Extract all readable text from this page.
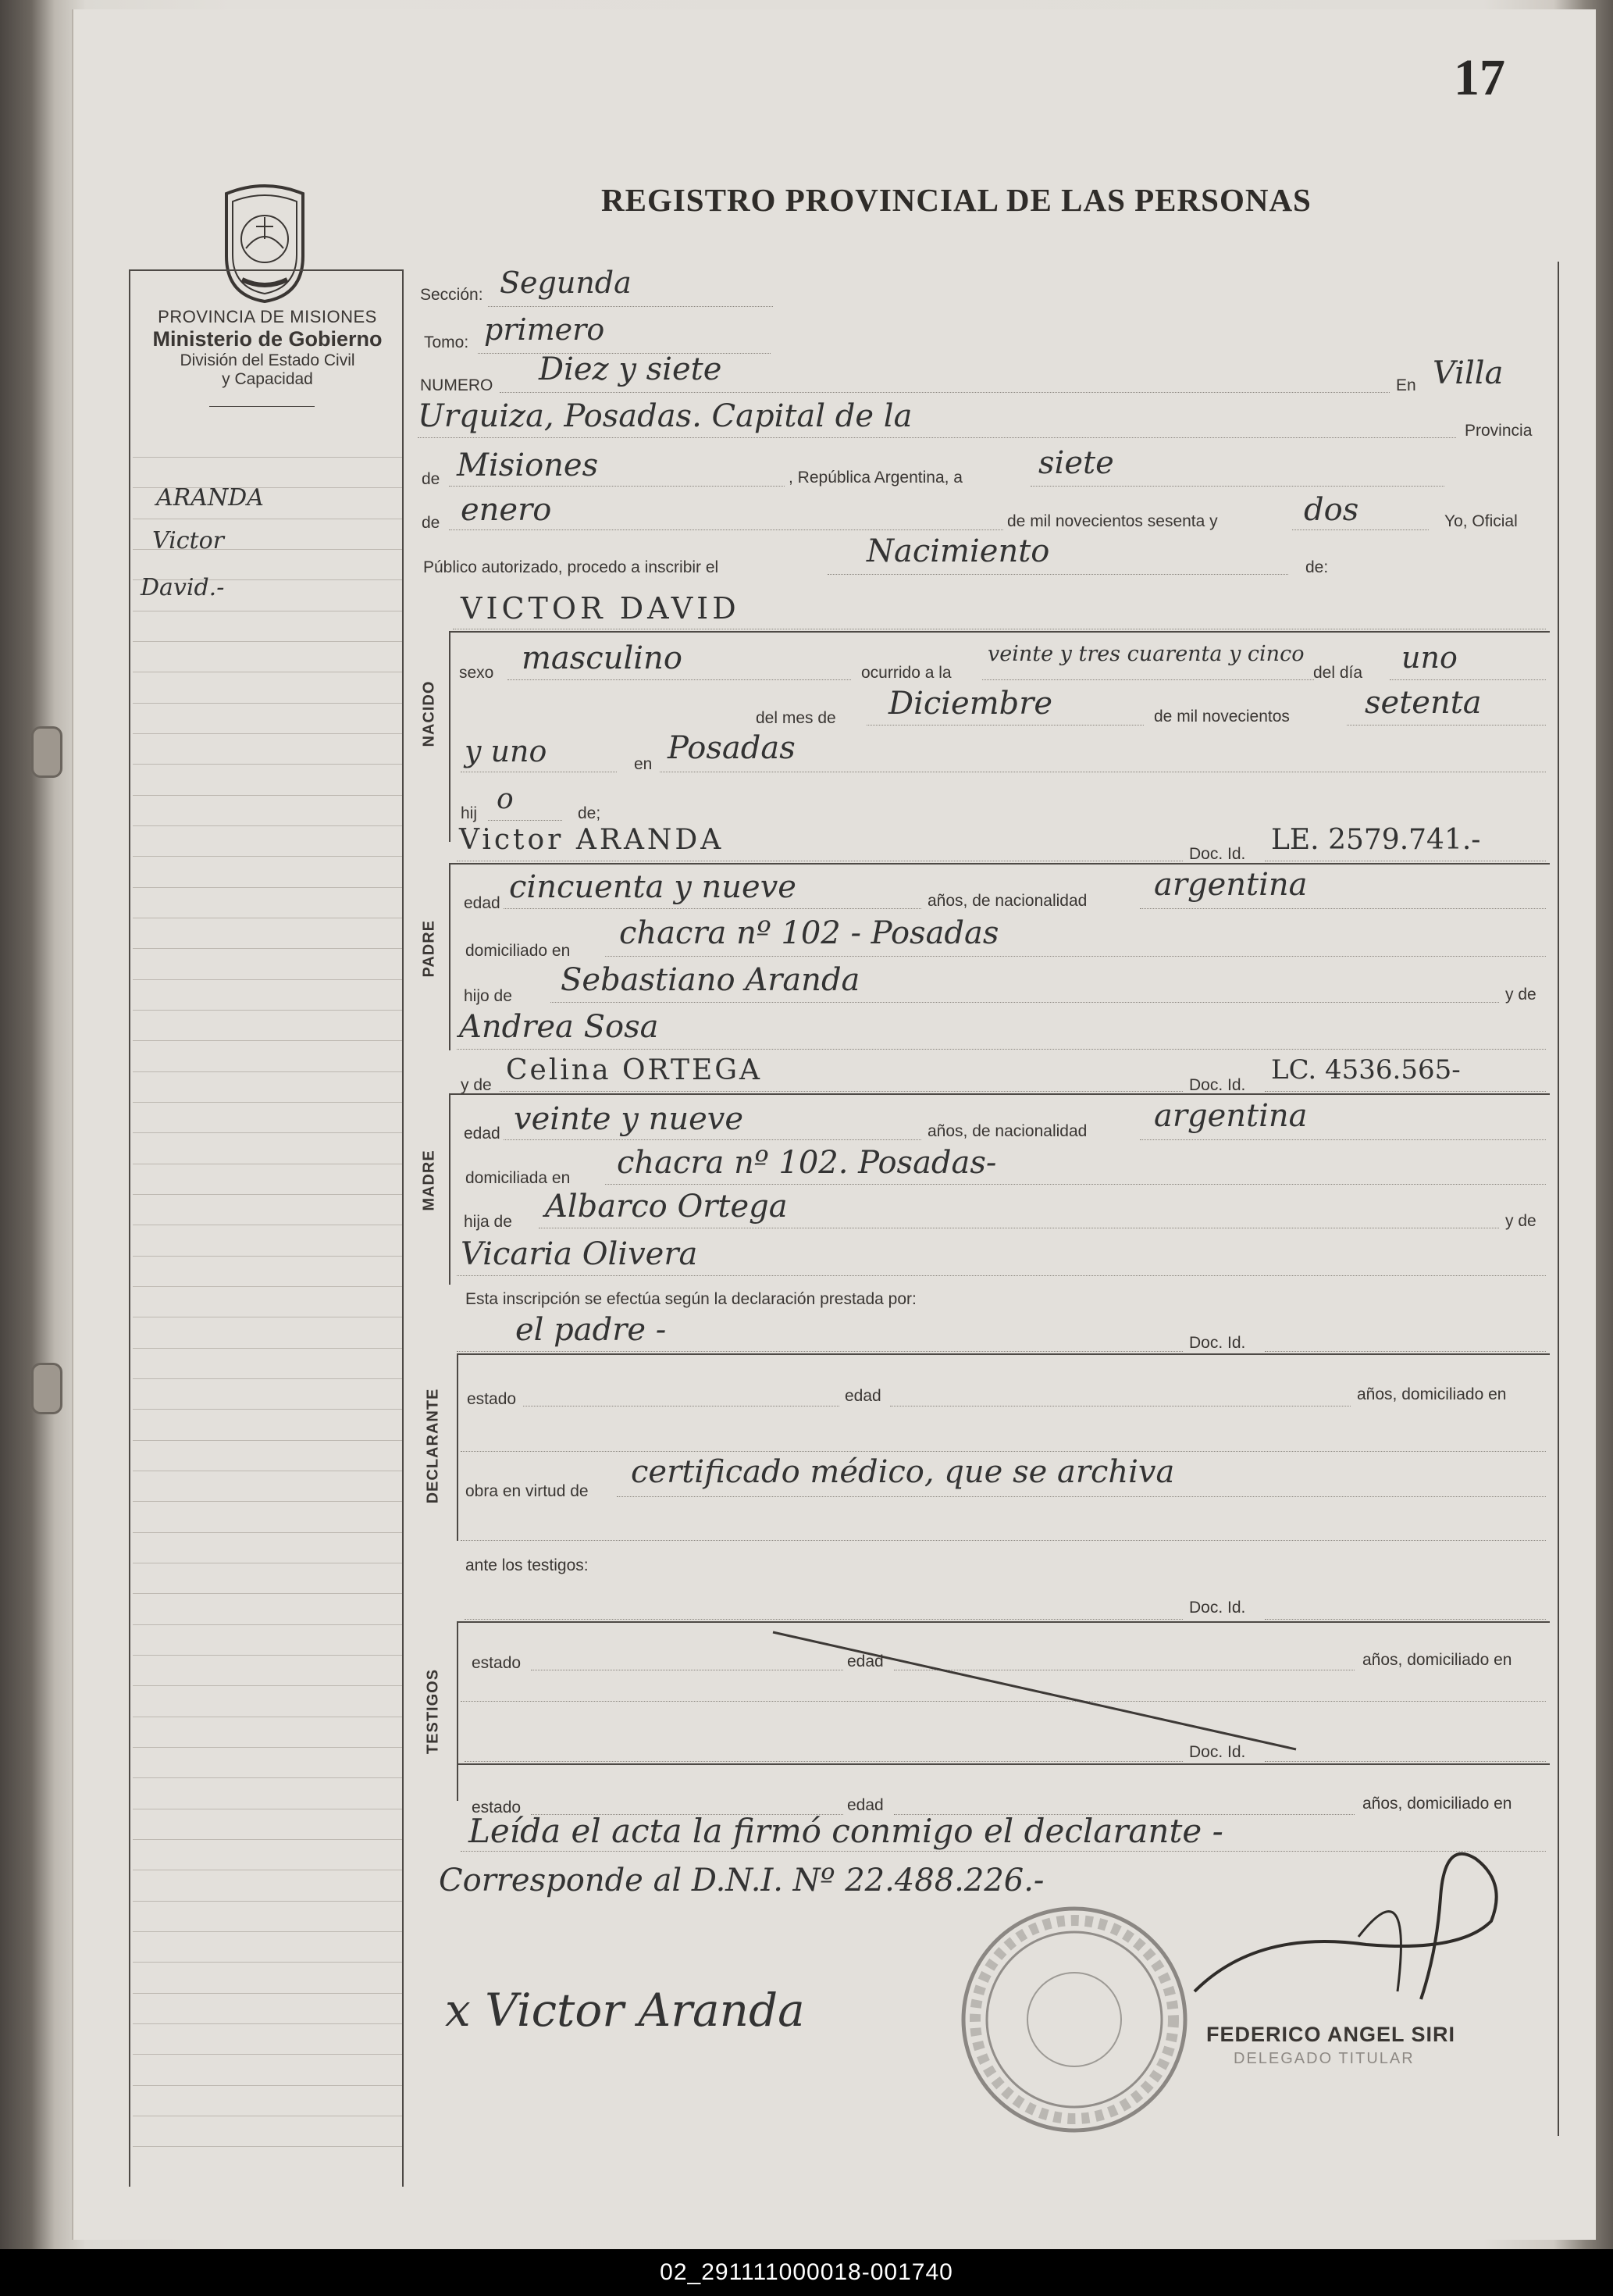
17
REGISTRO PROVINCIAL DE LAS PERSONAS
PROVINCIA DE MISIONES
Ministerio de Gobierno
División del Estado Civil
y Capacidad
ARANDA
Victor
David.-
Sección: Segunda
Tomo: primero
NUMERO Diez y siete	En Villa
Urquiza, Posadas. Capital de la	Provincia
de Misiones	, República Argentina, a siete
de enero	de mil novecientos sesenta y	dos	Yo, Oficial
Público autorizado, procedo a inscribir el	Nacimiento	de:
VICTOR DAVID
NACIDO
sexo masculino	ocurrido a la
veinte y tres cuarenta y cinco
del día uno
del mes de Diciembre	de mil novecientos setenta
y uno	en Posadas
hij o	de;
Victor ARANDA	Doc. Id. LE. 2579.741.-
PADRE
edad cincuenta y nueve	años, de nacionalidad argentina
domiciliado en chacra nº 102 - Posadas
hijo de Sebastiano Aranda	y de
Andrea Sosa
y de Celina ORTEGA	Doc. Id. LC. 4536.565-
MADRE
edad veinte y nueve	años, de nacionalidad argentina
domiciliada en chacra nº 102. Posadas-
hija de Albarco Ortega	y de
Vicaria Olivera
Esta inscripción se efectúa según la declaración prestada por:
el padre -	Doc. Id.
DECLARANTE estado	edad	años, domiciliado en
obra en virtud de
certificado médico, que se archiva
ante los testigos:
Doc. Id.
TESTIGOS
estado	edad	años, domiciliado en
Doc. Id.
estado	edad	años, domiciliado en
Leída el acta la firmó conmigo el declarante -
Corresponde al D.N.I. Nº 22.488.226.-
x Victor Aranda	FEDERICO ANGEL SIRI
DELEGADO TITULAR
02_291111000018-001740
